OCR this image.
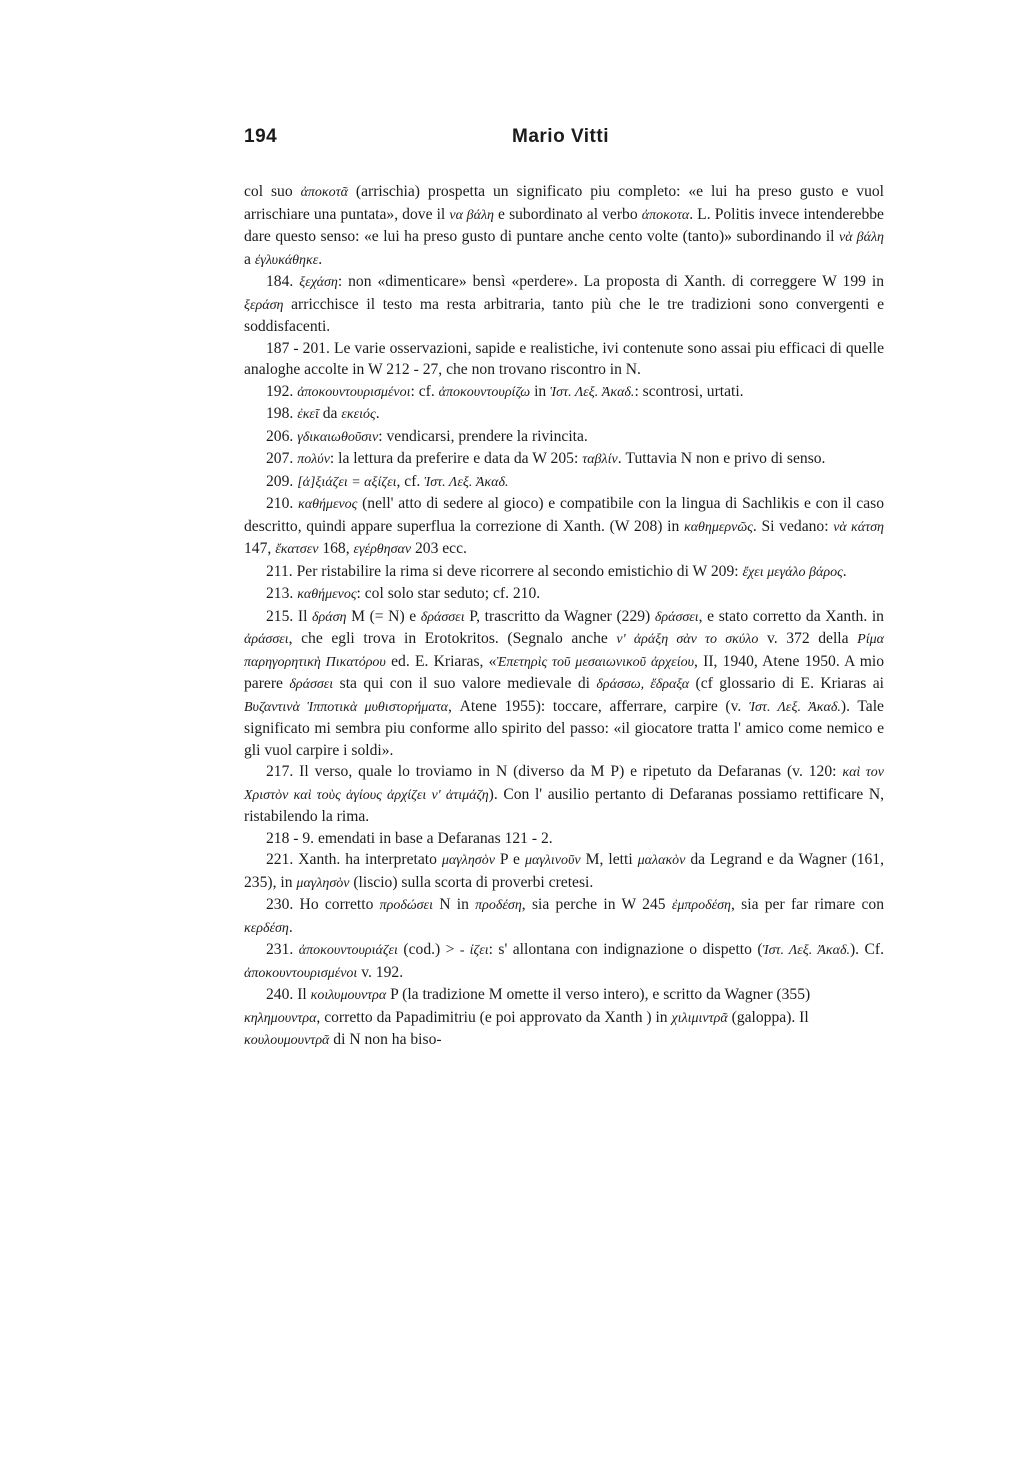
194	Mario Vitti

col suo ἀποκοτᾶ (arrischia) prospetta un significato piu completo: «e lui ha preso gusto e vuol arrischiare una puntata», dove il να βάλη e subordinato al verbo ἀποκοτα. L. Politis invece intenderebbe dare questo senso: «e lui ha preso gusto di puntare anche cento volte (tanto)» subordinando il νὰ βάλη a ἐγλυκάθηκε.

184. ξεχάση: non «dimenticare» bensì «perdere». La proposta di Xanth. di correggere W 199 in ξεράση arricchisce il testo ma resta arbitraria, tanto più che le tre tradizioni sono convergenti e soddisfacenti.

187 - 201. Le varie osservazioni, sapide e realistiche, ivi contenute sono assai piu efficaci di quelle analoghe accolte in W 212 - 27, che non trovano riscontro in N.

192. ἀποκουντουρισμένοι: cf. ἀποκουντουρίζω in Ἱστ. Λεξ. Ἀκαδ.: scontrosi, urtati.

198. ἐκεῖ da εκειός.

206. γδικαιωθοῦσιν: vendicarsi, prendere la rivincita.

207. πολύν: la lettura da preferire e data da W 205: ταβλίν. Tuttavia N non e privo di senso.

209. [ἀ]ξιάζει = αξίζει, cf. Ἱστ. Λεξ. Ἀκαδ.

210. καθήμενος (nell' atto di sedere al gioco) e compatibile con la lingua di Sachlikis e con il caso descritto, quindi appare superflua la correzione di Xanth. (W 208) in καθημερνῶς. Si vedano: νὰ κάτση 147, ἔκατσεν 168, εγέρθησαν 203 ecc.

211. Per ristabilire la rima si deve ricorrere al secondo emistichio di W 209: ἔχει μεγάλο βάρος.

213. καθήμενος: col solo star seduto; cf. 210.

215. Il δράση M (= N) e δράσσει P, trascritto da Wagner (229) δράσσει, e stato corretto da Xanth. in ἀράσσει, che egli trova in Erotokritos. (Segnalo anche ν' ἀράξη σὰν το σκύλο v. 372 della Ρίμα παρηγορητικὴ Πικατόρου ed. E. Kriaras, «Ἐπετηρὶς τοῦ μεσαιωνικοῦ ἀρχείου, II, 1940, Atene 1950. A mio parere δράσσει sta qui con il suo valore medievale di δράσσω, ἔδραξα (cf glossario di E. Kriaras ai Βυζαντινὰ Ἱπποτικὰ μυθιστορήματα, Atene 1955): toccare, afferrare, carpire (v. Ἱστ. Λεξ. Ἀκαδ.). Tale significato mi sembra piu conforme allo spirito del passo: «il giocatore tratta l' amico come nemico e gli vuol carpire i soldi».

217. Il verso, quale lo troviamo in N (diverso da M P) e ripetuto da Defaranas (v. 120: καὶ τον Χριστὸν καὶ τοὺς ἁγίους ἀρχίζει ν' ἀτιμάζη). Con l' ausilio pertanto di Defaranas possiamo rettificare N, ristabilendo la rima.

218 - 9. emendati in base a Defaranas 121 - 2.

221. Xanth. ha interpretato μαγλησὸν P e μαγλινοῦν M, letti μαλακὸν da Legrand e da Wagner (161, 235), in μαγλησὸν (liscio) sulla scorta di proverbi cretesi.

230. Ho corretto προδώσει N in προδέση, sia perche in W 245 ἐμπροδέση, sia per far rimare con κερδέση.

231. ἀποκουντουριάζει (cod.) > - ίζει: s' allontana con indignazione o dispetto (Ἱστ. Λεξ. Ἀκαδ.). Cf. ἀποκουντουρισμένοι v. 192.

240. Il κοιλυμουντρα P (la tradizione M omette il verso intero), e scritto da Wagner (355) κηλημουντρα, corretto da Papadimitriu (e poi approvato da Xanth ) in χιλιμιντρᾶ (galoppa). Il κουλουμουντρᾶ di N non ha biso-
